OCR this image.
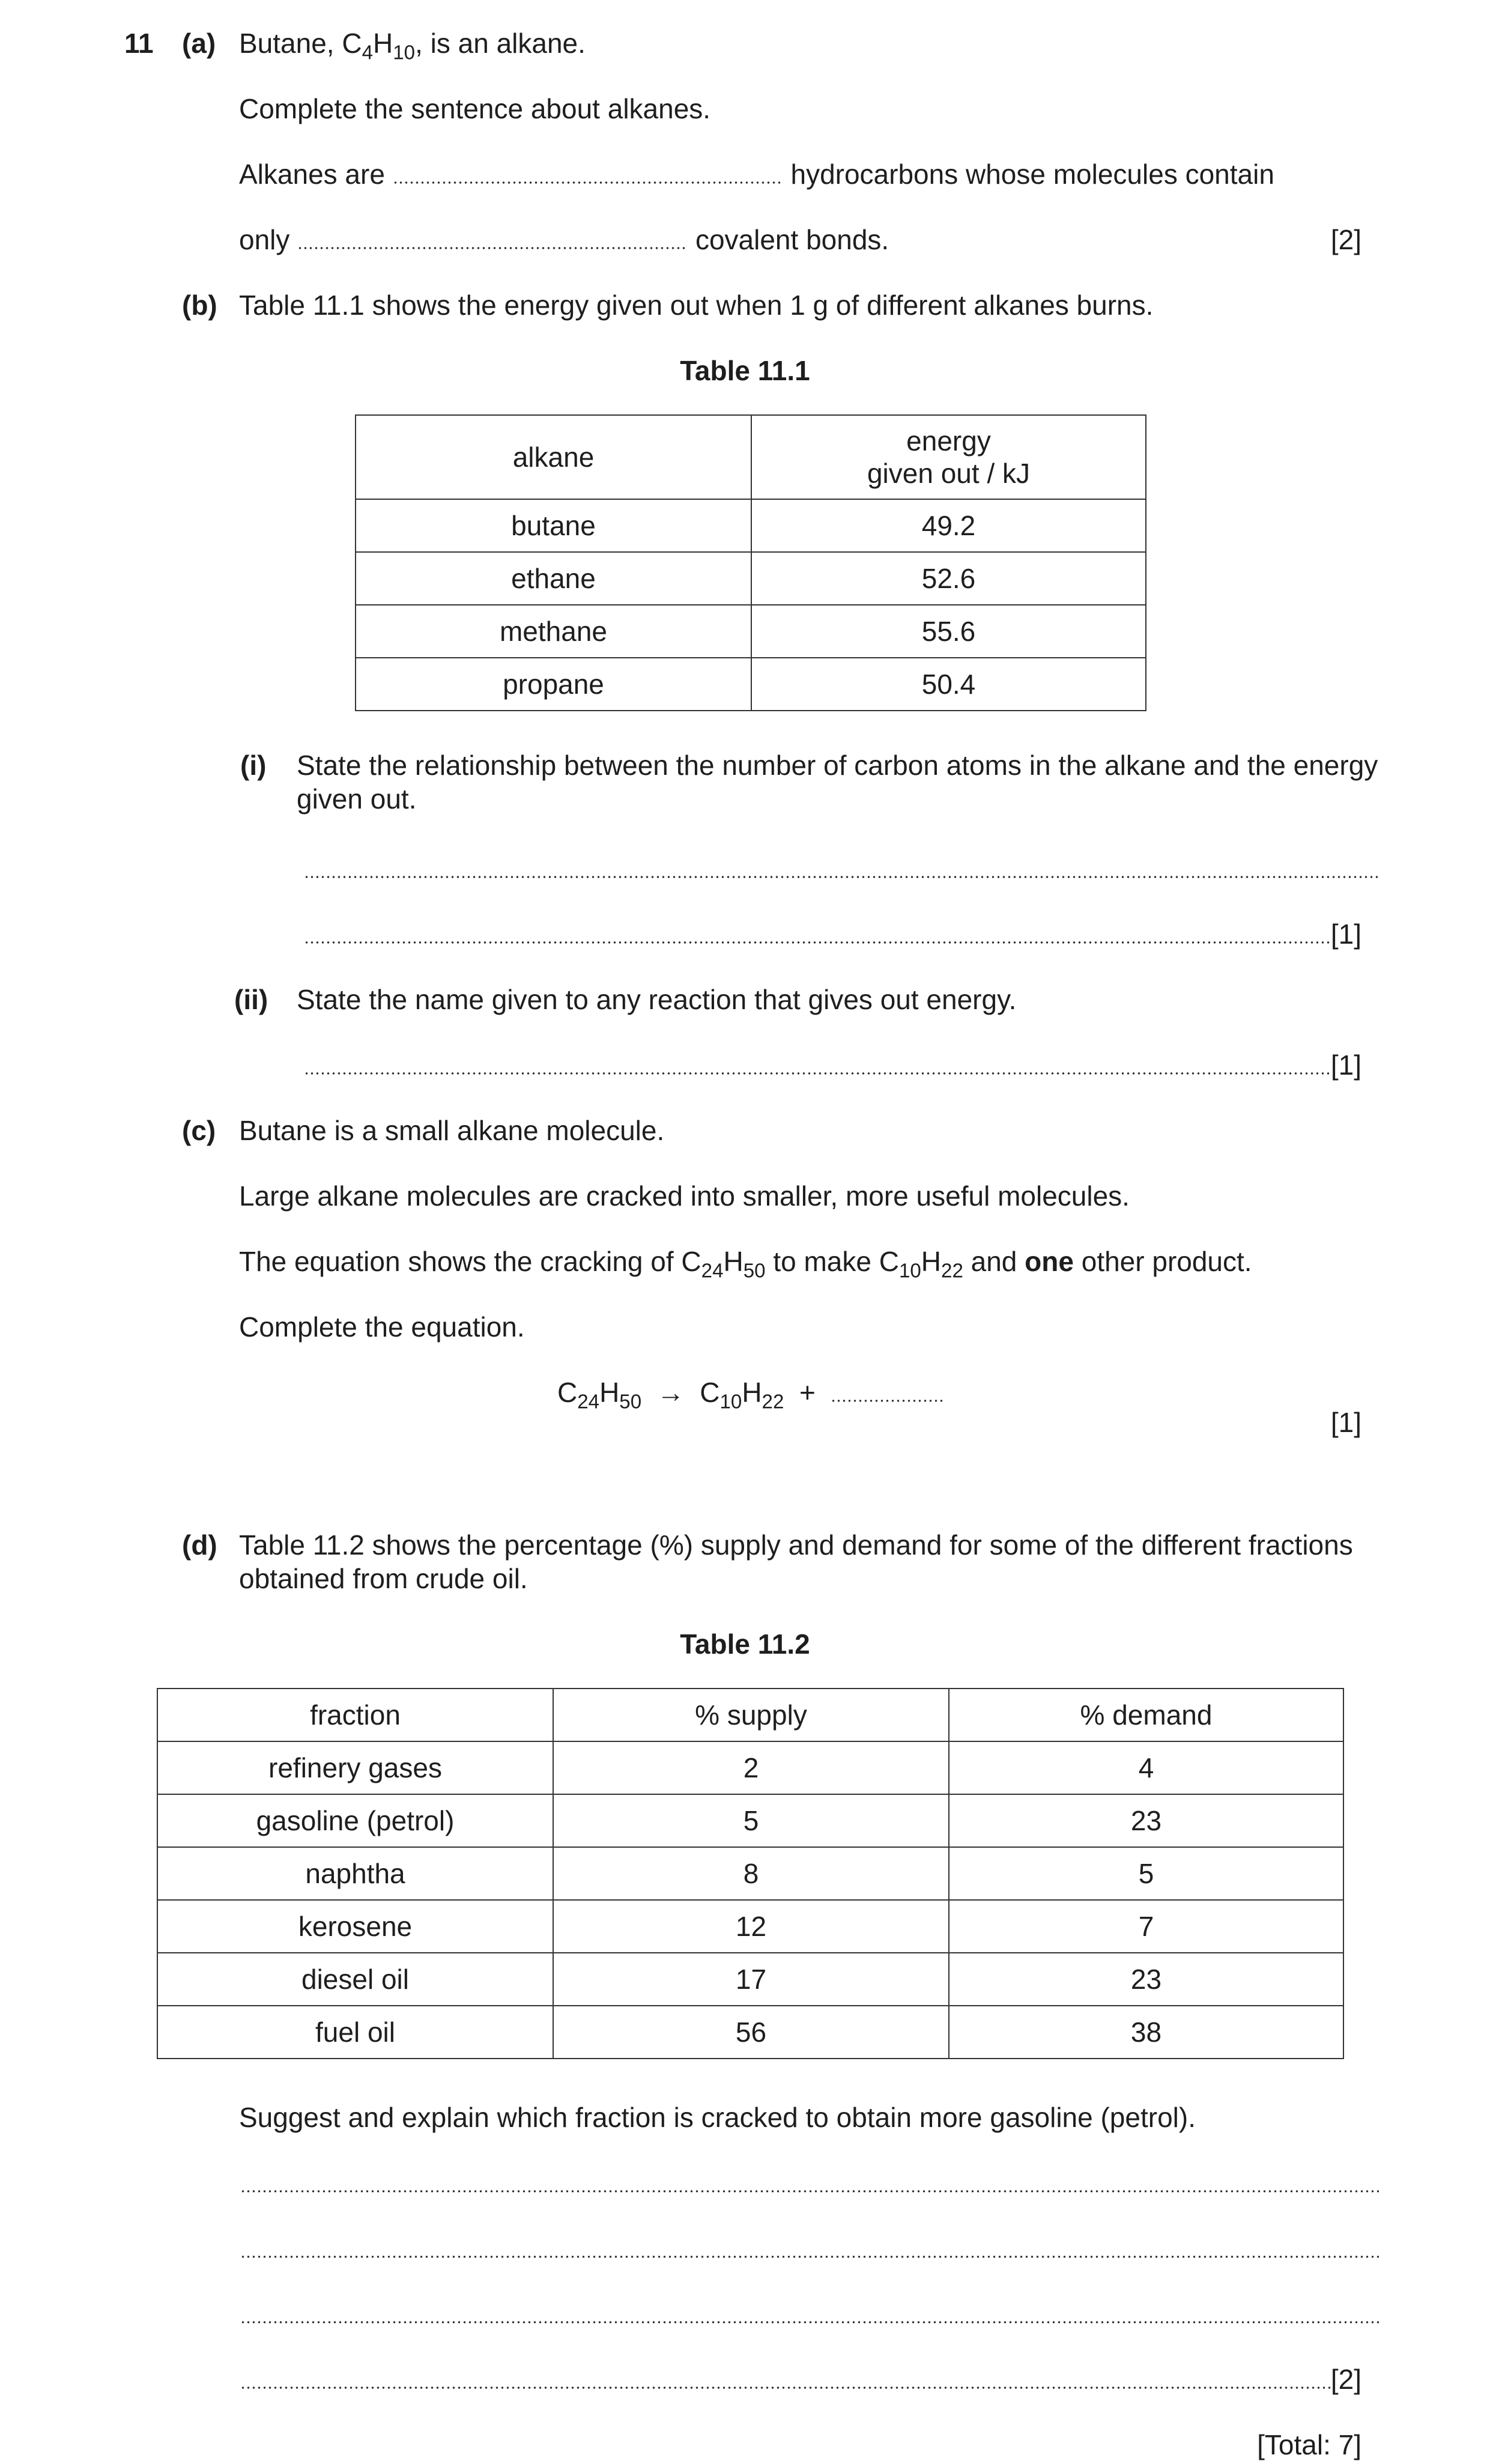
11 (a) Butane, $C_4H_{10}$, is an alkane.
Complete the sentence about alkanes.
Alkanes are	hydrocarbons whose molecules contain
only	covalent bonds.	[2]
(b) Table 11.1 shows the energy given out when 1 g of different alkanes burns.
Table 11.1
alkane	energy
given out / kJ

butane	49.2
ethane	52.6
methane	55.6
propane	50.4
(i) State the relationship between the number of carbon atoms in the alkane and the energy
given out.
[1]
(ii) State the name given to any reaction that gives out energy.
[1]
(c) Butane is a small alkane molecule.
Large alkane molecules are cracked into smaller, more useful molecules.
The equation shows the cracking of $C_{24}H_{50}$ to make $C_{10}H_{22}$ and one other product.
Complete the equation.
$C_{24}H_{50} \to C_{10}H_{22}$ +
[1]
(d) Table 11.2 shows the percentage (%) supply and demand for some of the different fractions
obtained from crude oil.
Table 11.2
fraction	% supply	% demand
refinery gases	2	4
gasoline (petrol)	5	23
naphtha	8	5
kerosene	12	7
diesel oil	17	23
fuel oil	56	38
Suggest and explain which fraction is cracked to obtain more gasoline (petrol).
[2]
[Total: 7]
